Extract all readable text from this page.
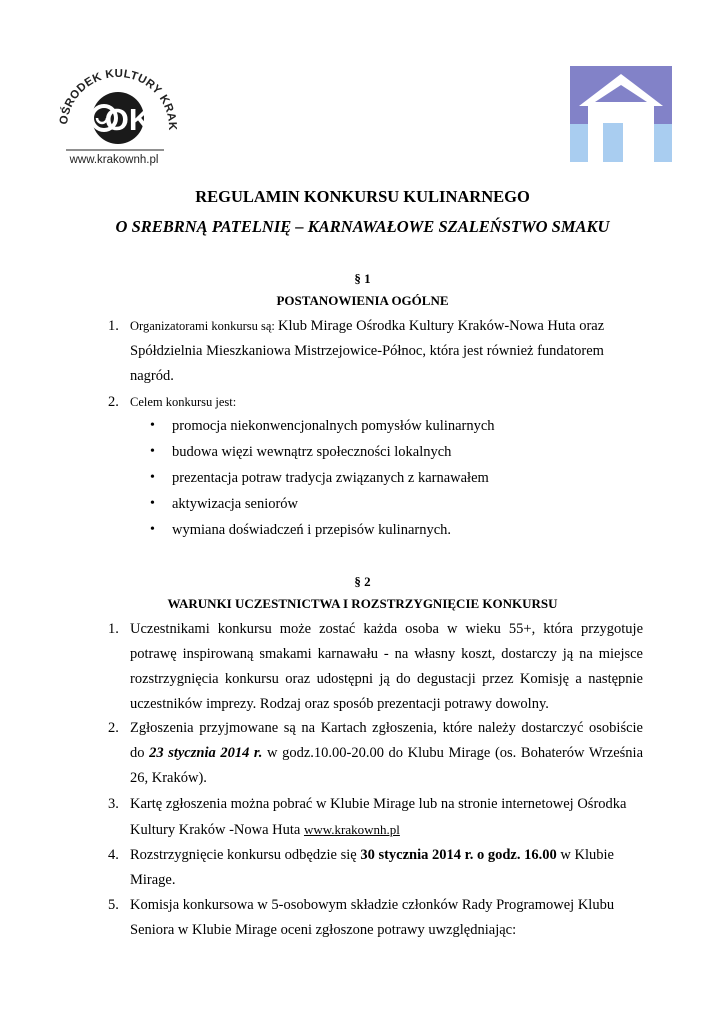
OŚRODEK KULTURY KRAK
OK
www.krakownh.pl
REGULAMIN KONKURSU KULINARNEGO
O SREBRNĄ PATELNIĘ – KARNAWAŁOWE SZALEŃSTWO SMAKU
§ 1
POSTANOWIENIA OGÓLNE
1. Organizatorami konkursu są: Klub Mirage Ośrodka Kultury Kraków-Nowa Huta oraz Spółdzielnia Mieszkaniowa Mistrzejowice-Północ, która jest również fundatorem nagród.
2. Celem konkursu jest:
• promocja niekonwencjonalnych pomysłów kulinarnych
• budowa więzi wewnątrz społeczności lokalnych
• prezentacja potraw tradycja związanych z karnawałem
• aktywizacja seniorów
• wymiana doświadczeń i przepisów kulinarnych.
§ 2
WARUNKI UCZESTNICTWA I ROZSTRZYGNIĘCIE KONKURSU
1. Uczestnikami konkursu może zostać każda osoba w wieku 55+, która przygotuje potrawę inspirowaną smakami karnawału - na własny koszt, dostarczy ją na miejsce rozstrzygnięcia konkursu oraz udostępni ją do degustacji przez Komisję a następnie uczestników imprezy. Rodzaj oraz sposób prezentacji potrawy dowolny.
2. Zgłoszenia przyjmowane są na Kartach zgłoszenia, które należy dostarczyć osobiście do 23 stycznia 2014 r. w godz.10.00-20.00 do Klubu Mirage (os. Bohaterów Września 26, Kraków).
3. Kartę zgłoszenia można pobrać w Klubie Mirage lub na stronie internetowej Ośrodka Kultury Kraków -Nowa Huta www.krakownh.pl
4. Rozstrzygnięcie konkursu odbędzie się 30 stycznia 2014 r. o godz. 16.00 w Klubie Mirage.
5. Komisja konkursowa w 5-osobowym składzie członków Rady Programowej Klubu Seniora w Klubie Mirage oceni zgłoszone potrawy uwzględniając:
